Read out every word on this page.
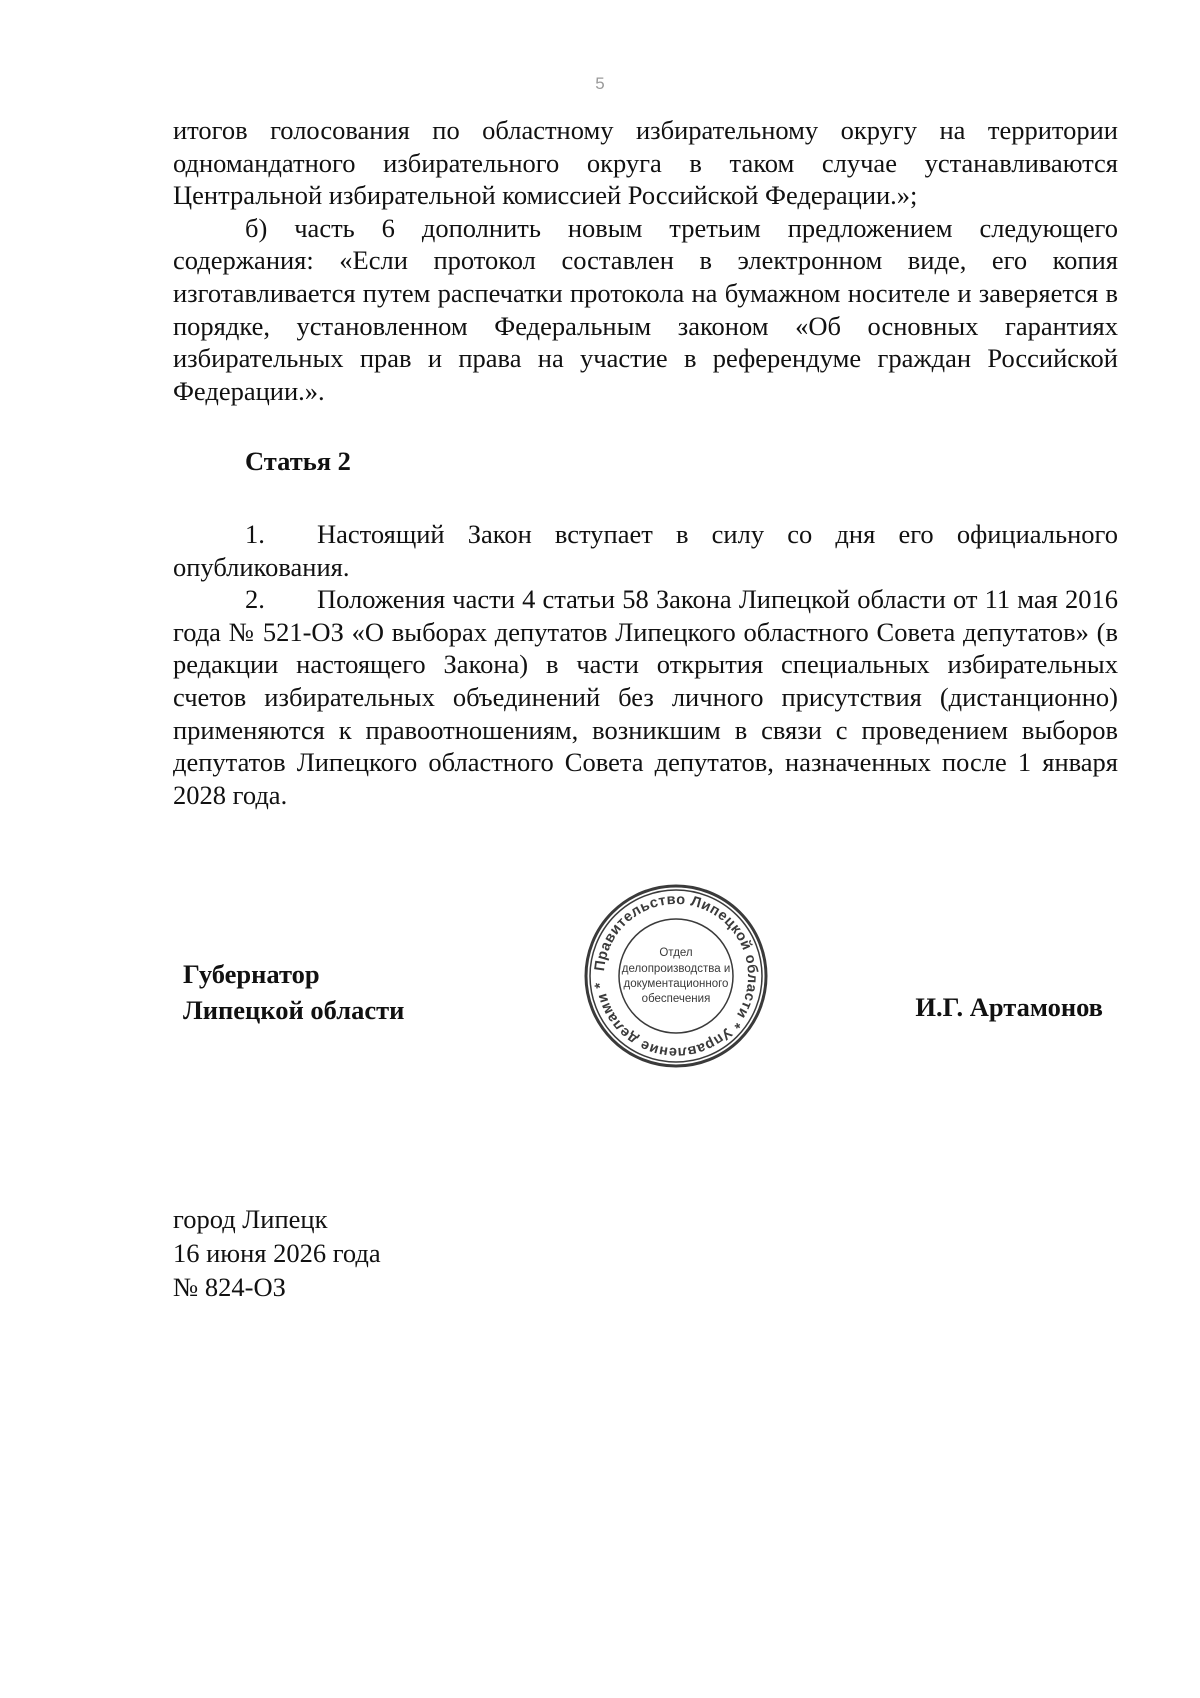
5

итогов голосования по областному избирательному округу на территории одномандатного избирательного округа в таком случае устанавливаются Центральной избирательной комиссией Российской Федерации.»;

б) часть 6 дополнить новым третьим предложением следующего содержания: «Если протокол составлен в электронном виде, его копия изготавливается путем распечатки протокола на бумажном носителе и заверяется в порядке, установленном Федеральным законом «Об основных гарантиях избирательных прав и права на участие в референдуме граждан Российской Федерации.».

Статья 2

1. Настоящий Закон вступает в силу со дня его официального опубликования.

2. Положения части 4 статьи 58 Закона Липецкой области от 11 мая 2016 года № 521-ОЗ «О выборах депутатов Липецкого областного Совета депутатов» (в редакции настоящего Закона) в части открытия специальных избирательных счетов избирательных объединений без личного присутствия (дистанционно) применяются к правоотношениям, возникшим в связи с проведением выборов депутатов Липецкого областного Совета депутатов, назначенных после 1 января 2028 года.

Губернатор
Липецкой области
Правительство Липецкой области * Управление делами *
Отдел
делопроизводства и
документационного
обеспечения	И.Г. Артамонов
город Липецк
16 июня 2026 года
№ 824-ОЗ
